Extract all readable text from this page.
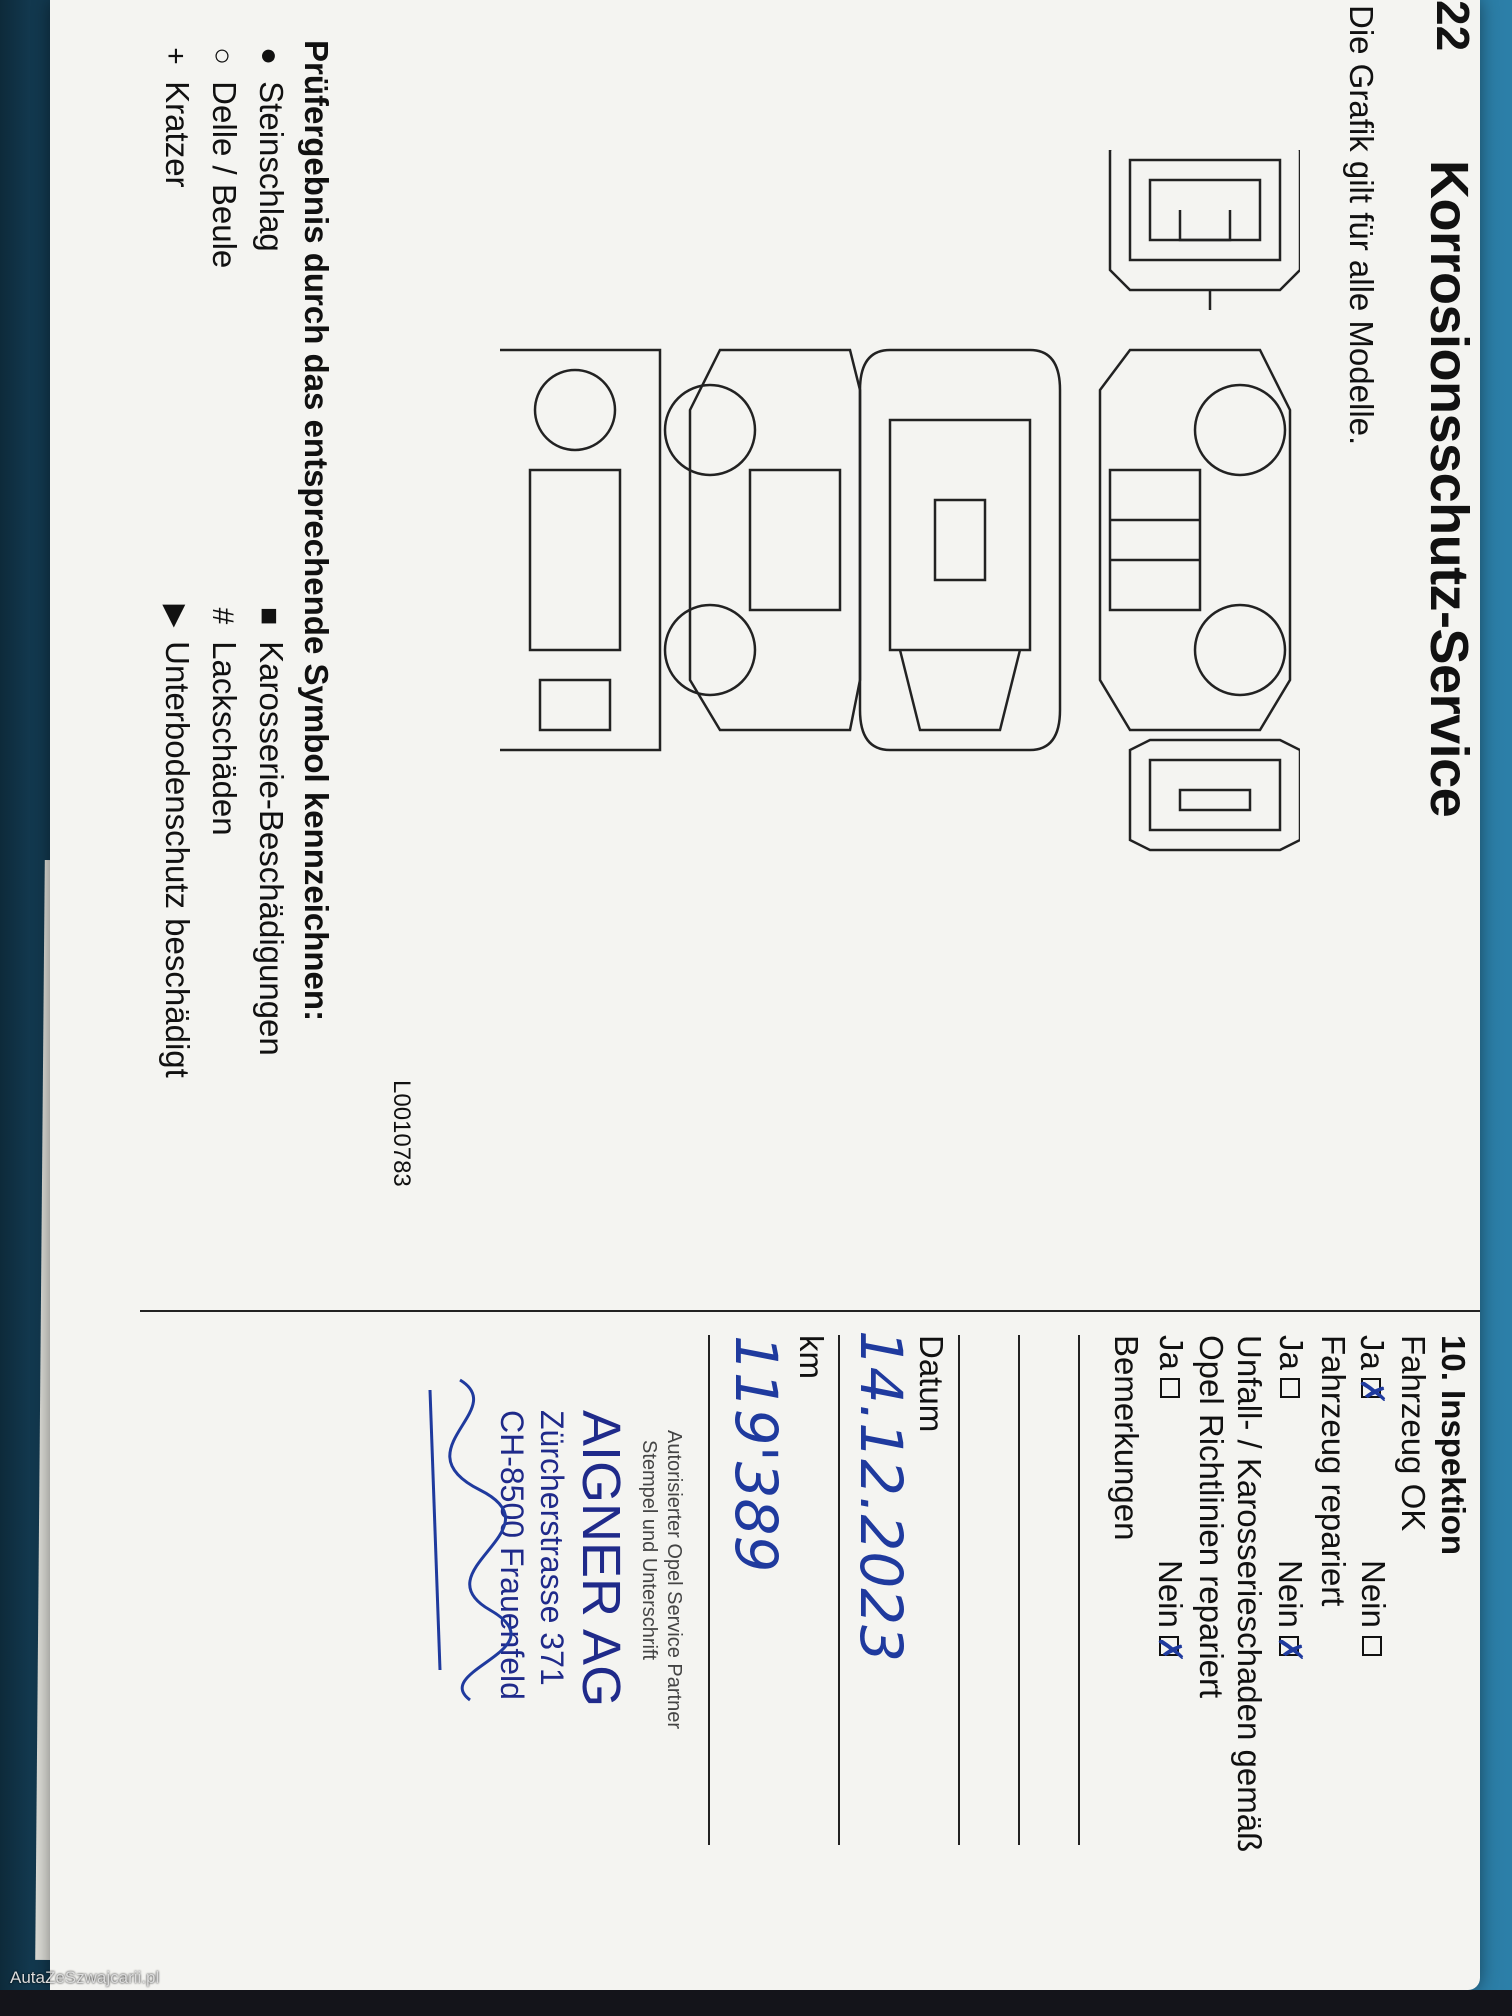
22
Korrosionsschutz-Service
Die Grafik gilt für alle Modelle.
L0010783
Prüfergebnis durch das entsprechende Symbol kennzeichnen:
● Steinschlag
○ Delle / Beule
+ Kratzer
■ Karosserie-Beschädigungen
# Lackschäden
▶ Unterbodenschutz beschädigt
10. Inspektion
Fahrzeug OK
Ja✗
Nein
Fahrzeug repariert
Ja
Nein✗
Unfall- / Karosserieschaden gemäß
Opel Richtlinien repariert
Ja
Nein✗
Bemerkungen
Datum
14.12.2023
km
119'389
Autorisierter Opel Service Partner
Stempel und Unterschrift
AIGNER AG
Zürcherstrasse 371
CH-8500 Frauenfeld
AutaZeSzwajcarii.pl
